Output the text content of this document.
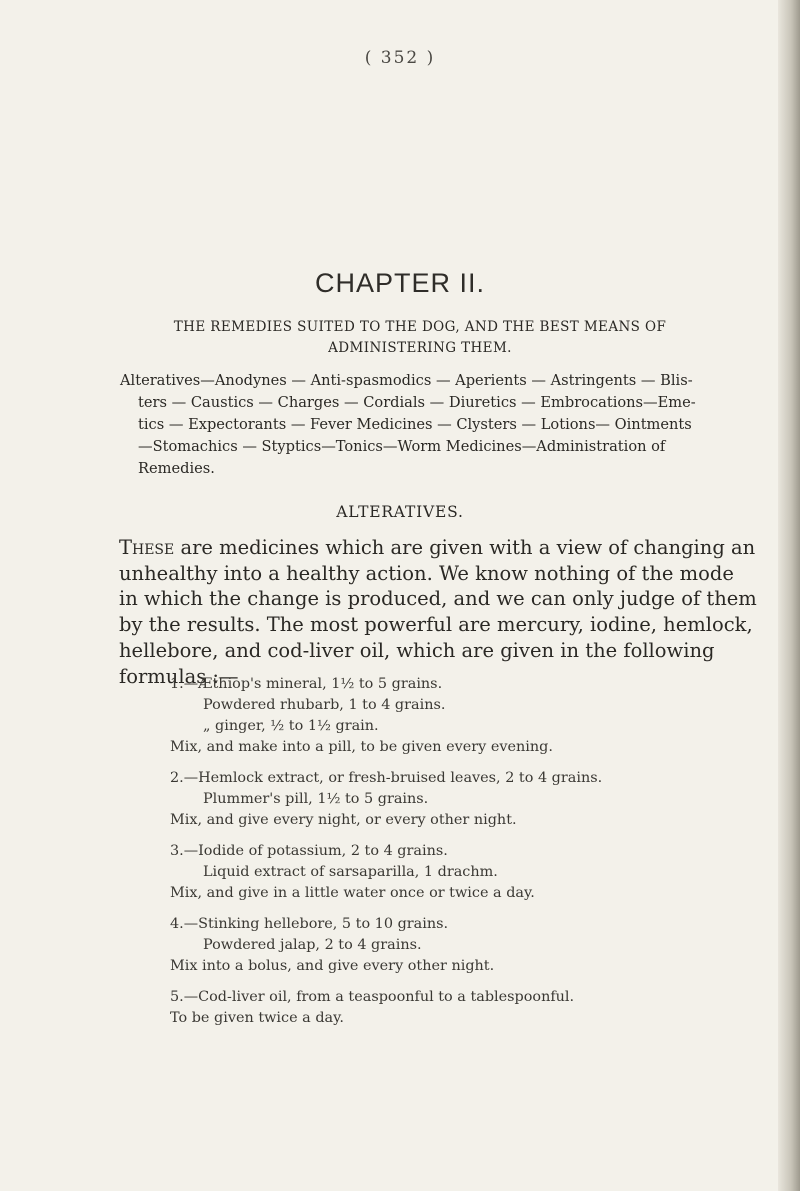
( 352 )
CHAPTER II.
THE REMEDIES SUITED TO THE DOG, AND THE BEST MEANS OF
ADMINISTERING THEM.
Alteratives—Anodynes — Anti-spasmodics — Aperients — Astringents — Blis-
ters — Caustics — Charges — Cordials — Diuretics — Embrocations—Eme-
tics — Expectorants — Fever Medicines — Clysters — Lotions— Ointments
—Stomachics — Styptics—Tonics—Worm Medicines—Administration of
Remedies.
ALTERATIVES.
These are medicines which are given with a view of changing an
unhealthy into a healthy action. We know nothing of the mode
in which the change is produced, and we can only judge of them
by the results. The most powerful are mercury, iodine, hemlock,
hellebore, and cod-liver oil, which are given in the following
formulas :—
1.—Æthiop's mineral, 1½ to 5 grains.
Powdered rhubarb, 1 to 4 grains.
„ ginger, ½ to 1½ grain.
Mix, and make into a pill, to be given every evening.
2.—Hemlock extract, or fresh-bruised leaves, 2 to 4 grains.
Plummer's pill, 1½ to 5 grains.
Mix, and give every night, or every other night.
3.—Iodide of potassium, 2 to 4 grains.
Liquid extract of sarsaparilla, 1 drachm.
Mix, and give in a little water once or twice a day.
4.—Stinking hellebore, 5 to 10 grains.
Powdered jalap, 2 to 4 grains.
Mix into a bolus, and give every other night.
5.—Cod-liver oil, from a teaspoonful to a tablespoonful.
To be given twice a day.
